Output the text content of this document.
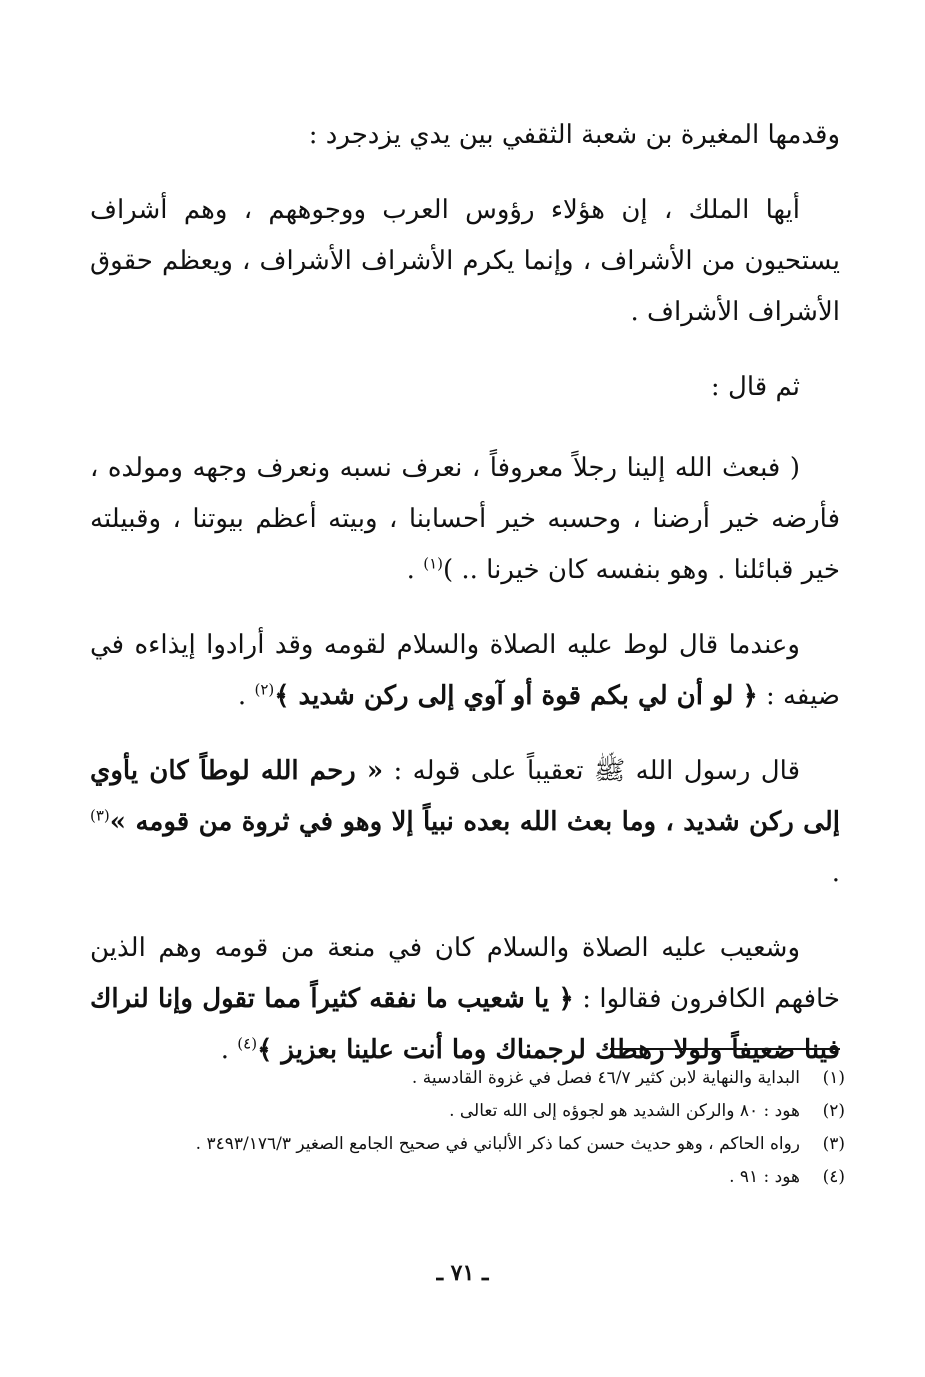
وقدمها المغيرة بن شعبة الثقفي بين يدي يزدجرد :

أيها الملك ، إن هؤلاء رؤوس العرب ووجوههم ، وهم أشراف يستحيون من الأشراف ، وإنما يكرم الأشراف الأشراف ، ويعظم حقوق الأشراف الأشراف .

ثم قال :

( فبعث الله إلينا رجلاً معروفاً ، نعرف نسبه ونعرف وجهه ومولده ، فأرضه خير أرضنا ، وحسبه خير أحسابنا ، وبيته أعظم بيوتنا ، وقبيلته خير قبائلنا . وهو بنفسه كان خيرنا .. )$^{(١)}$ .

وعندما قال لوط عليه الصلاة والسلام لقومه وقد أرادوا إيذاءه في ضيفه : ﴿ لو أن لي بكم قوة أو آوي إلى ركن شديد ﴾$^{(٢)}$ .

قال رسول الله ﷺ تعقيباً على قوله : « رحم الله لوطاً كان يأوي إلى ركن شديد ، وما بعث الله بعده نبياً إلا وهو في ثروة من قومه »$^{(٣)}$ .

وشعيب عليه الصلاة والسلام كان في منعة من قومه وهم الذين خافهم الكافرون فقالوا : ﴿ يا شعيب ما نفقه كثيراً مما تقول وإنا لنراك فينا ضعيفاً ولولا رهطك لرجمناك وما أنت علينا بعزيز ﴾$^{(٤)}$ .

(١)
البداية والنهاية لابن كثير ٤٦/٧ فصل في غزوة القادسية .
(٢)
هود : ٨٠ والركن الشديد هو لجوؤه إلى الله تعالى .
(٣)
رواه الحاكم ، وهو حديث حسن كما ذكر الألباني في صحيح الجامع الصغير ٣٤٩٣/١٧٦/٣ .
(٤)
هود : ٩١ .
ـ ٧١ ـ
